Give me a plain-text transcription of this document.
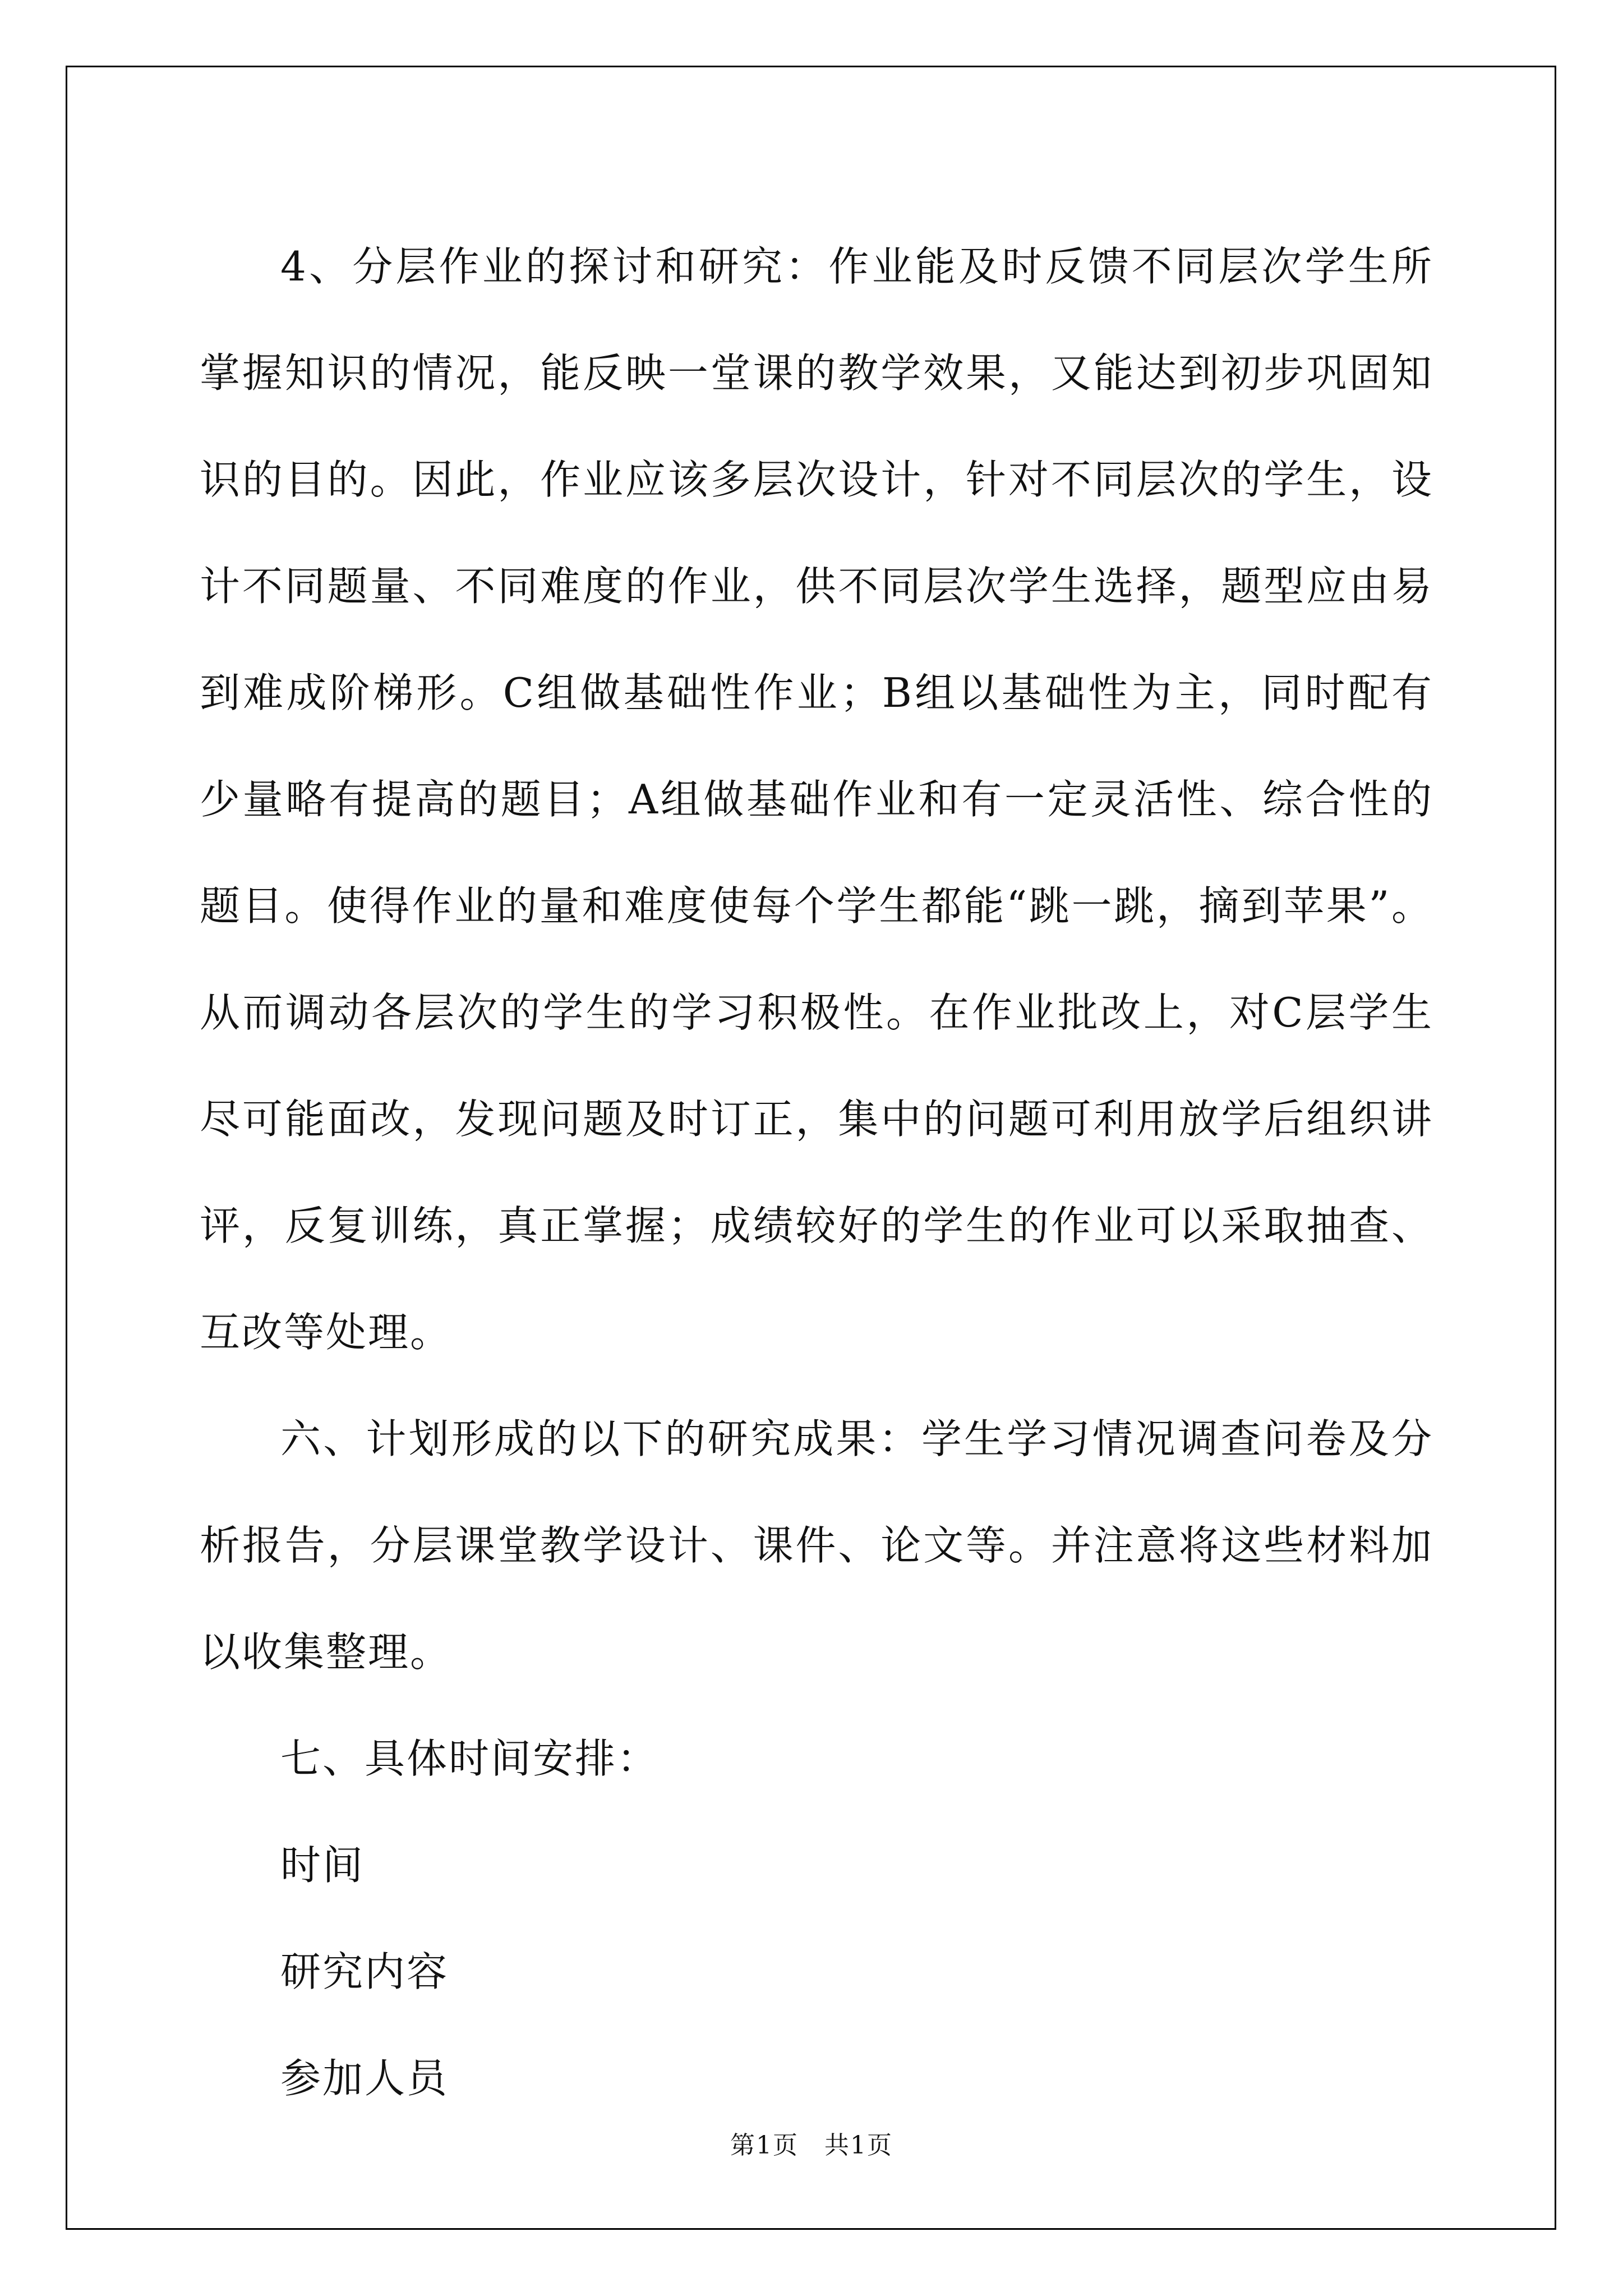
4、分层作业的探讨和研究：作业能及时反馈不同层次学生所掌握知识的情况，能反映一堂课的教学效果，又能达到初步巩固知识的目的。因此，作业应该多层次设计，针对不同层次的学生，设计不同题量、不同难度的作业，供不同层次学生选择，题型应由易到难成阶梯形。C组做基础性作业；B组以基础性为主，同时配有少量略有提高的题目；A组做基础作业和有一定灵活性、综合性的题目。使得作业的量和难度使每个学生都能“跳一跳，摘到苹果”。从而调动各层次的学生的学习积极性。在作业批改上，对C层学生尽可能面改，发现问题及时订正，集中的问题可利用放学后组织讲评，反复训练，真正掌握；成绩较好的学生的作业可以采取抽查、互改等处理。

六、计划形成的以下的研究成果：学生学习情况调查问卷及分析报告，分层课堂教学设计、课件、论文等。并注意将这些材料加以收集整理。

七、具体时间安排：

时间

研究内容

参加人员

第1页　共1页
